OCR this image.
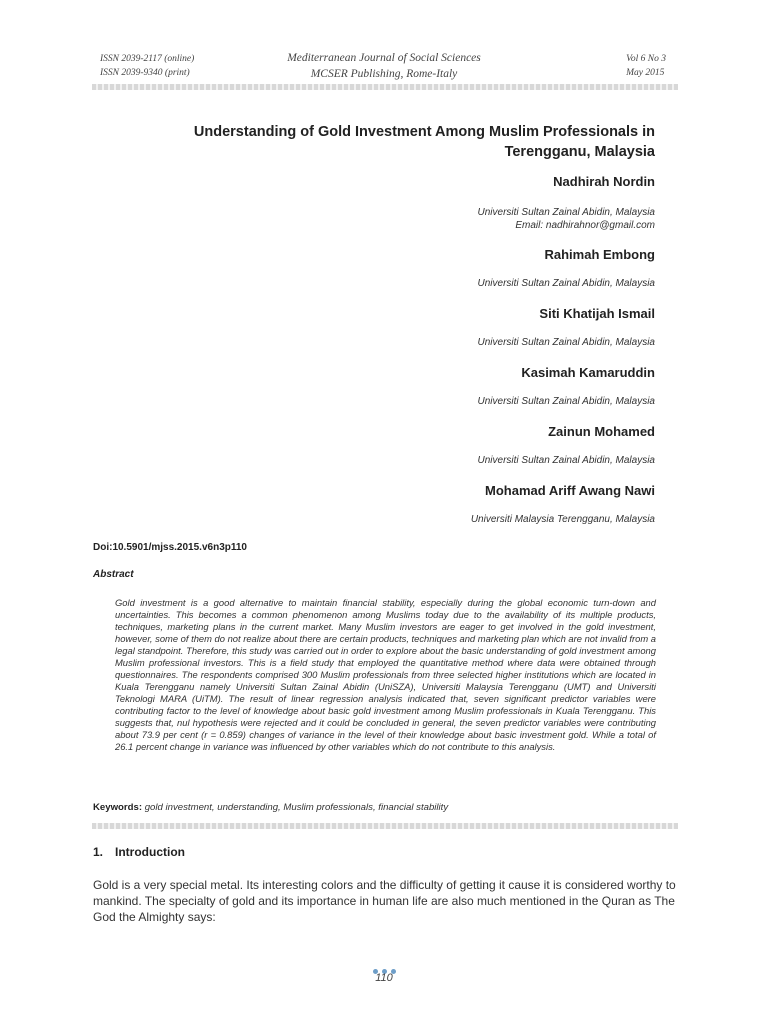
ISSN 2039-2117 (online)
ISSN 2039-9340 (print)
Mediterranean Journal of Social Sciences
MCSER Publishing, Rome-Italy
Vol 6 No 3
May 2015
Understanding of Gold Investment Among Muslim Professionals in
Terengganu, Malaysia
Nadhirah Nordin
Universiti Sultan Zainal Abidin, Malaysia
Email: nadhirahnor@gmail.com
Rahimah Embong
Universiti Sultan Zainal Abidin, Malaysia
Siti Khatijah Ismail
Universiti Sultan Zainal Abidin, Malaysia
Kasimah Kamaruddin
Universiti Sultan Zainal Abidin, Malaysia
Zainun Mohamed
Universiti Sultan Zainal Abidin, Malaysia
Mohamad Ariff Awang Nawi
Universiti Malaysia Terengganu, Malaysia
Doi:10.5901/mjss.2015.v6n3p110
Abstract
Gold investment is a good alternative to maintain financial stability, especially during the global economic turn-down and uncertainties. This becomes a common phenomenon among Muslims today due to the availability of its multiple products, techniques, marketing plans in the current market. Many Muslim investors are eager to get involved in the gold investment, however, some of them do not realize about there are certain products, techniques and marketing plan which are not invalid from a legal standpoint. Therefore, this study was carried out in order to explore about the basic understanding of gold investment among Muslim professional investors. This is a field study that employed the quantitative method where data were obtained through questionnaires. The respondents comprised 300 Muslim professionals from three selected higher institutions which are located in Kuala Terengganu namely Universiti Sultan Zainal Abidin (UniSZA), Universiti Malaysia Terengganu (UMT) and Universiti Teknologi MARA (UiTM). The result of linear regression analysis indicated that, seven significant predictor variables were contributing factor to the level of knowledge about basic gold investment among Muslim professionals in Kuala Terengganu. This suggests that, nul hypothesis were rejected and it could be concluded in general, the seven predictor variables were contributing about 73.9 per cent (r = 0.859) changes of variance in the level of their knowledge about basic investment gold. While a total of 26.1 percent change in variance was influenced by other variables which do not contribute to this analysis.
Keywords: gold investment, understanding, Muslim professionals, financial stability
1. Introduction
Gold is a very special metal. Its interesting colors and the difficulty of getting it cause it is considered worthy to mankind. The specialty of gold and its importance in human life are also much mentioned in the Quran as The God the Almighty says:
110
